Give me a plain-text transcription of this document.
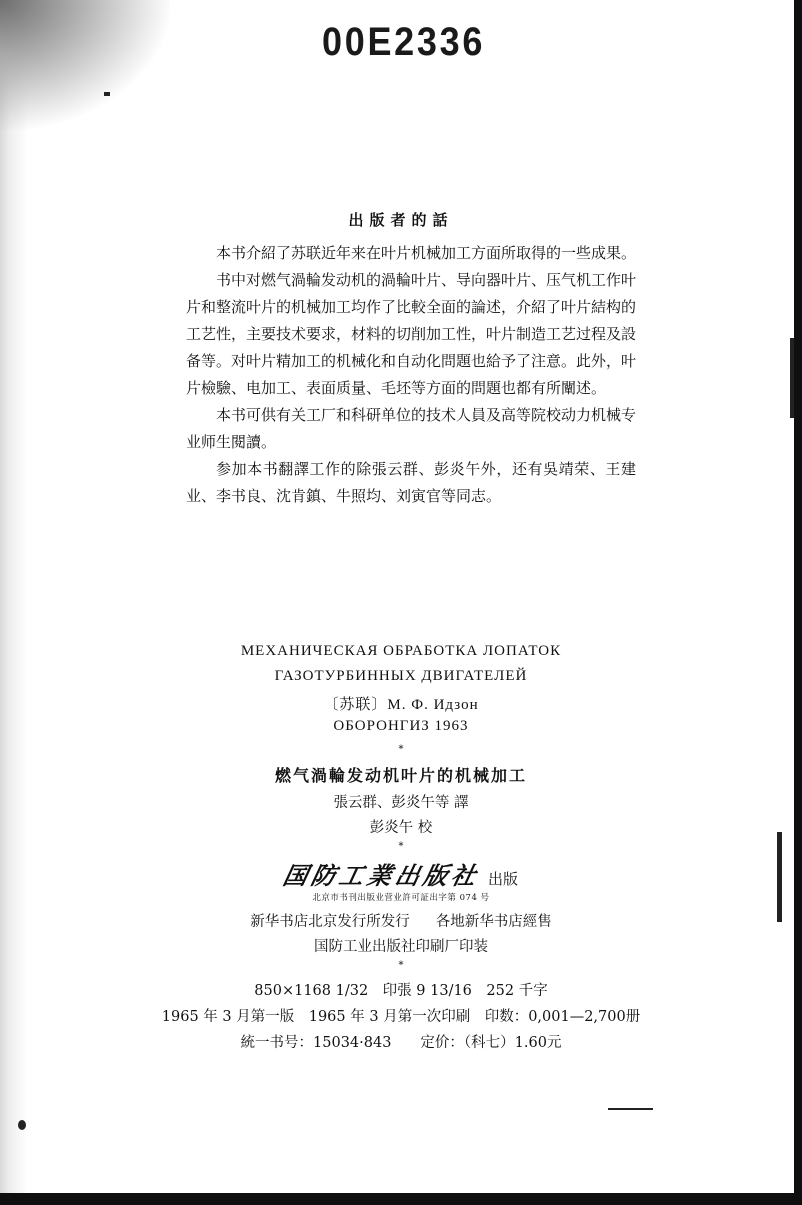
00E2336
出版者的話

本书介紹了苏联近年来在叶片机械加工方面所取得的一些成果。

书中对燃气渦輪发动机的渦輪叶片、导向器叶片、压气机工作叶片和整流叶片的机械加工均作了比較全面的論述，介紹了叶片結构的工艺性，主要技术要求，材料的切削加工性，叶片制造工艺过程及設备等。对叶片精加工的机械化和自动化問題也給予了注意。此外，叶片檢驗、电加工、表面质量、毛坯等方面的問題也都有所闡述。

本书可供有关工厂和科研单位的技术人員及高等院校动力机械专业师生閱讀。

参加本书翻譯工作的除張云群、彭炎午外，还有吳靖荣、王建业、李书良、沈肯鎮、牛照均、刘寅官等同志。

МЕХАНИЧЕСКАЯ ОБРАБОТКА ЛОПАТОК
ГАЗОТУРБИННЫХ ДВИГАТЕЛЕЙ
〔苏联〕М. Ф. Идзон
ОБОРОНГИЗ 1963
*
燃气渦輪发动机叶片的机械加工
張云群、彭炎午等 譯
彭炎午 校
*
国防工業出版社 出版
北京市书刊出版业营业許可証出字第 074 号
新华书店北京发行所发行 各地新华书店經售
国防工业出版社印刷厂印装
*
850×1168 1/32　印張 9 13/16　252 千字
1965 年 3 月第一版　1965 年 3 月第一次印刷　印数：0,001—2,700册
統一书号：15034·843　　定价：（科七）1.60元
